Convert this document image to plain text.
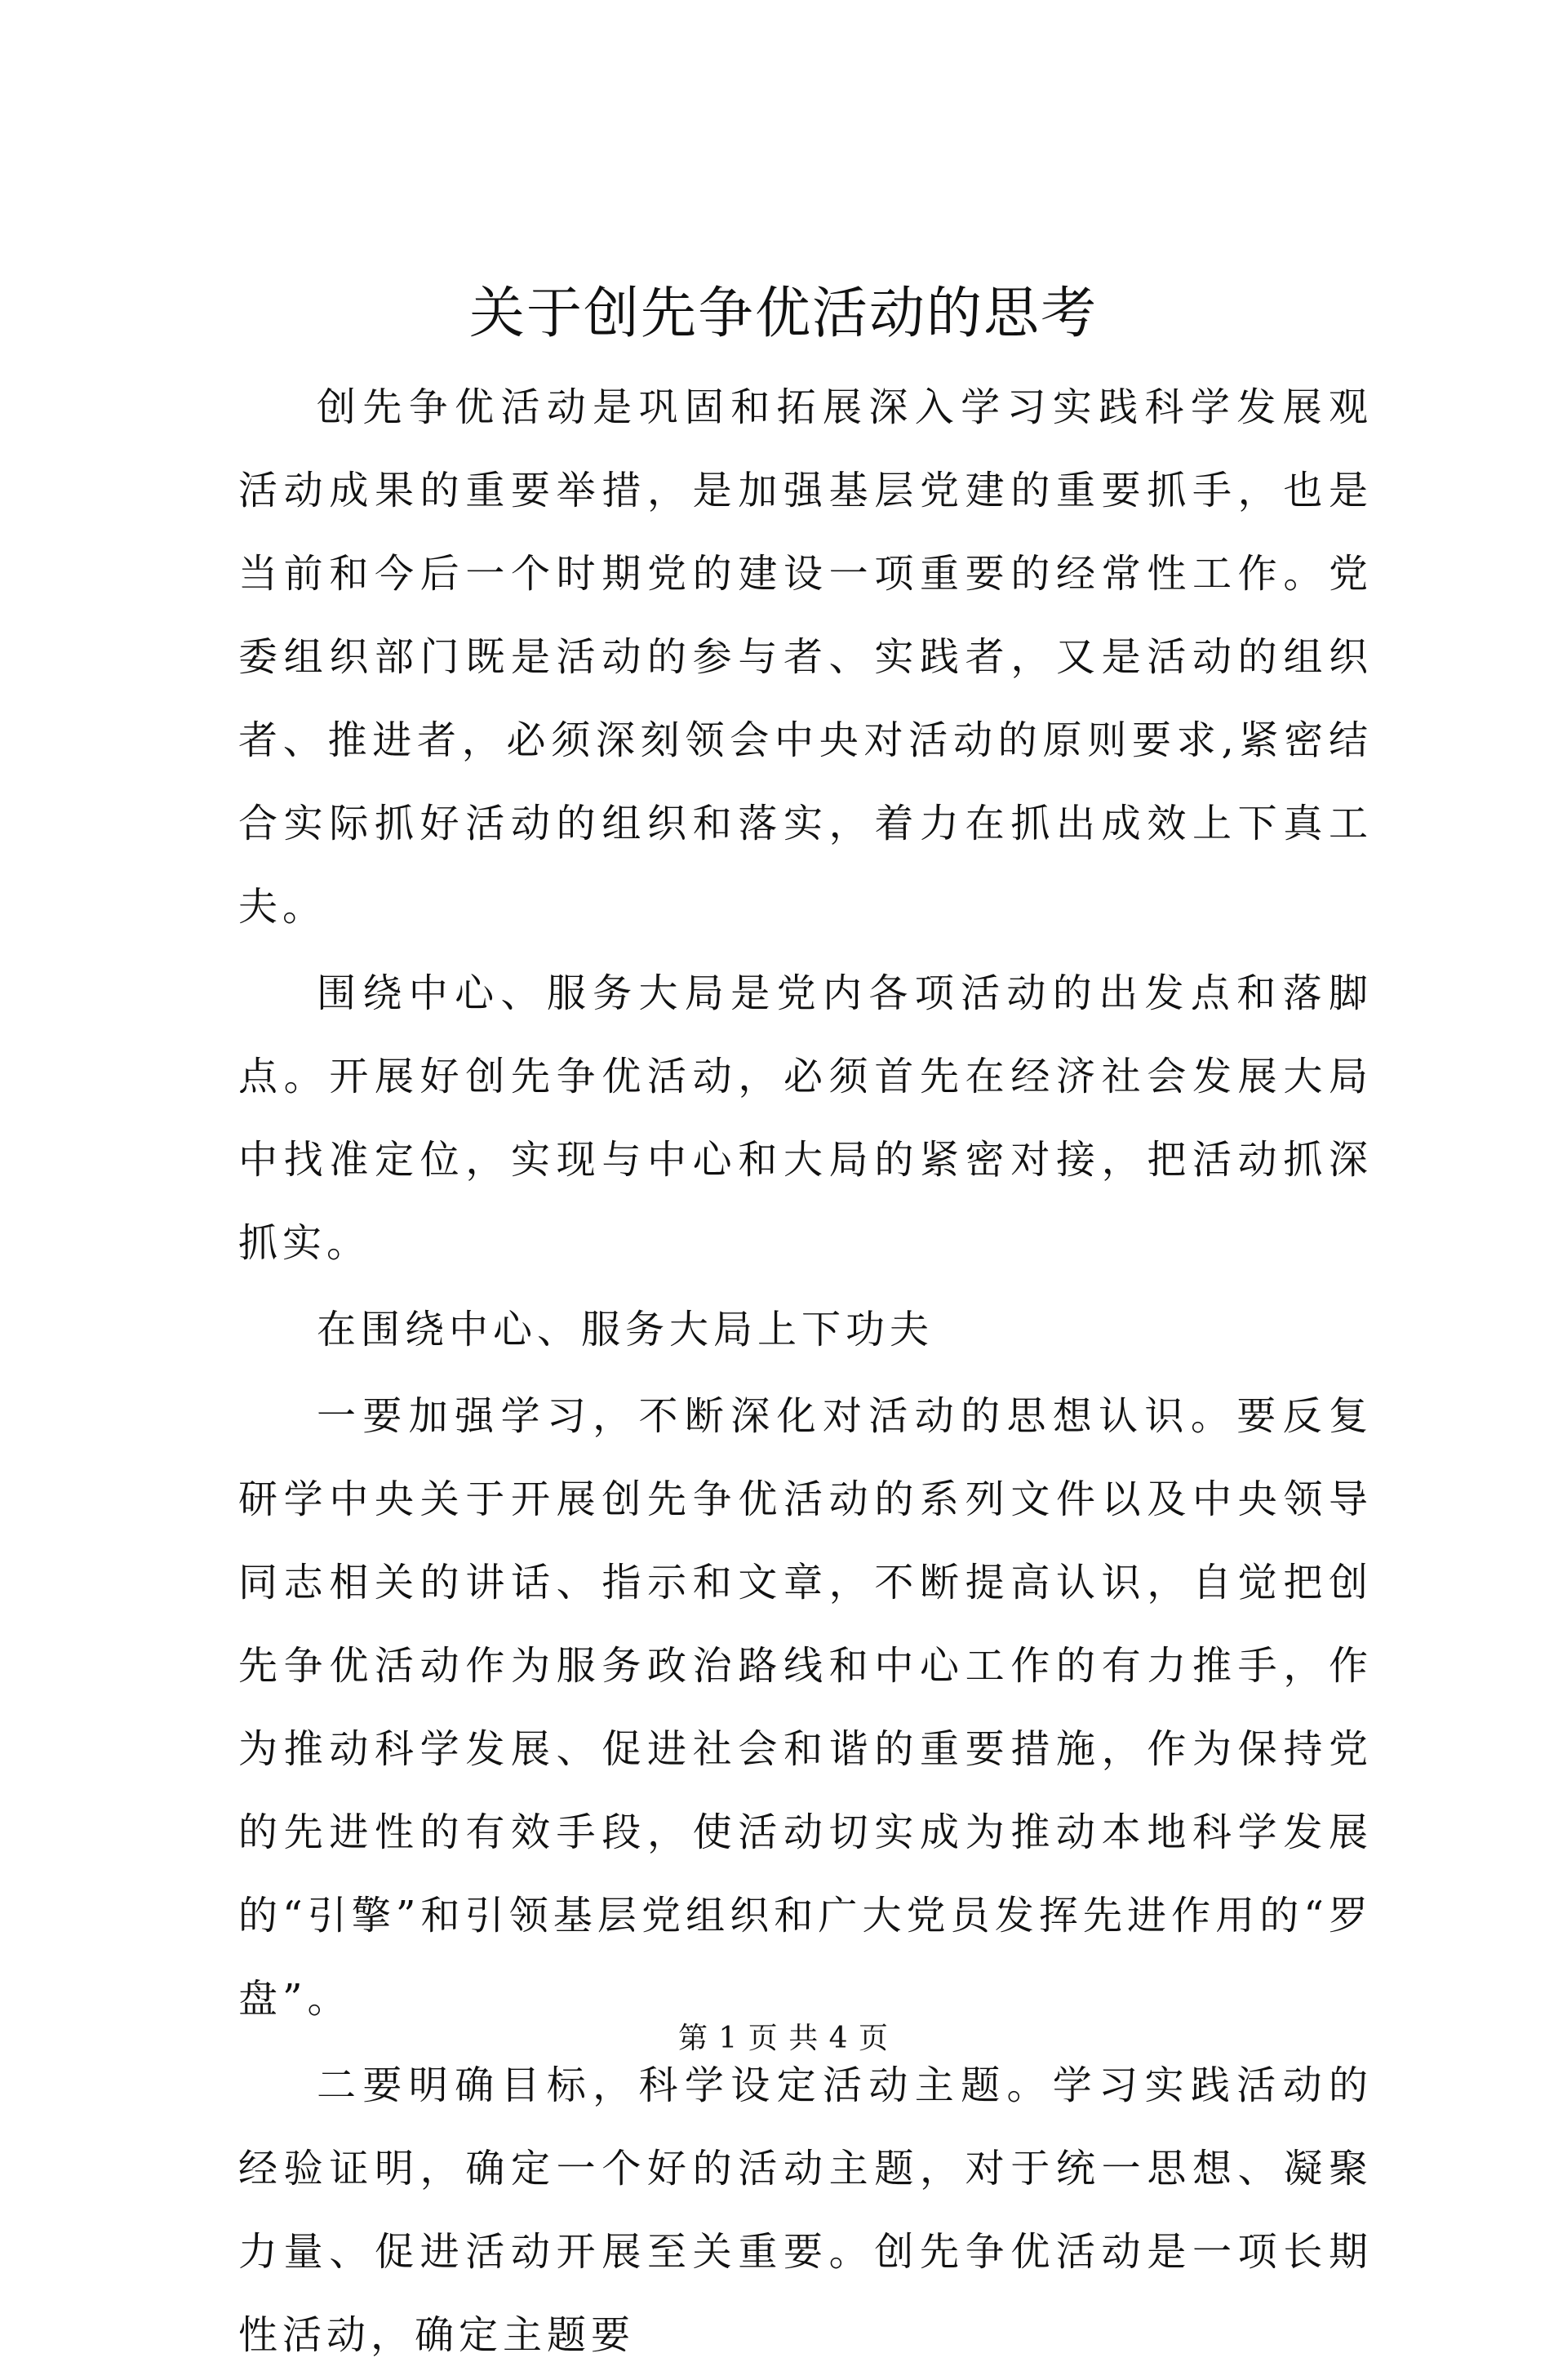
关于创先争优活动的思考

创先争优活动是巩固和拓展深入学习实践科学发展观活动成果的重要举措，是加强基层党建的重要抓手，也是当前和今后一个时期党的建设一项重要的经常性工作。党委组织部门既是活动的参与者、实践者，又是活动的组织者、推进者，必须深刻领会中央对活动的原则要求,紧密结合实际抓好活动的组织和落实，着力在抓出成效上下真工夫。

围绕中心、服务大局是党内各项活动的出发点和落脚点。开展好创先争优活动，必须首先在经济社会发展大局中找准定位，实现与中心和大局的紧密对接，把活动抓深抓实。

在围绕中心、服务大局上下功夫

一要加强学习，不断深化对活动的思想认识。要反复研学中央关于开展创先争优活动的系列文件以及中央领导同志相关的讲话、指示和文章，不断提高认识，自觉把创先争优活动作为服务政治路线和中心工作的有力推手，作为推动科学发展、促进社会和谐的重要措施，作为保持党的先进性的有效手段，使活动切实成为推动本地科学发展的“引擎”和引领基层党组织和广大党员发挥先进作用的“罗盘”。

二要明确目标，科学设定活动主题。学习实践活动的经验证明，确定一个好的活动主题，对于统一思想、凝聚力量、促进活动开展至关重要。创先争优活动是一项长期性活动，确定主题要

第 1 页 共 4 页
